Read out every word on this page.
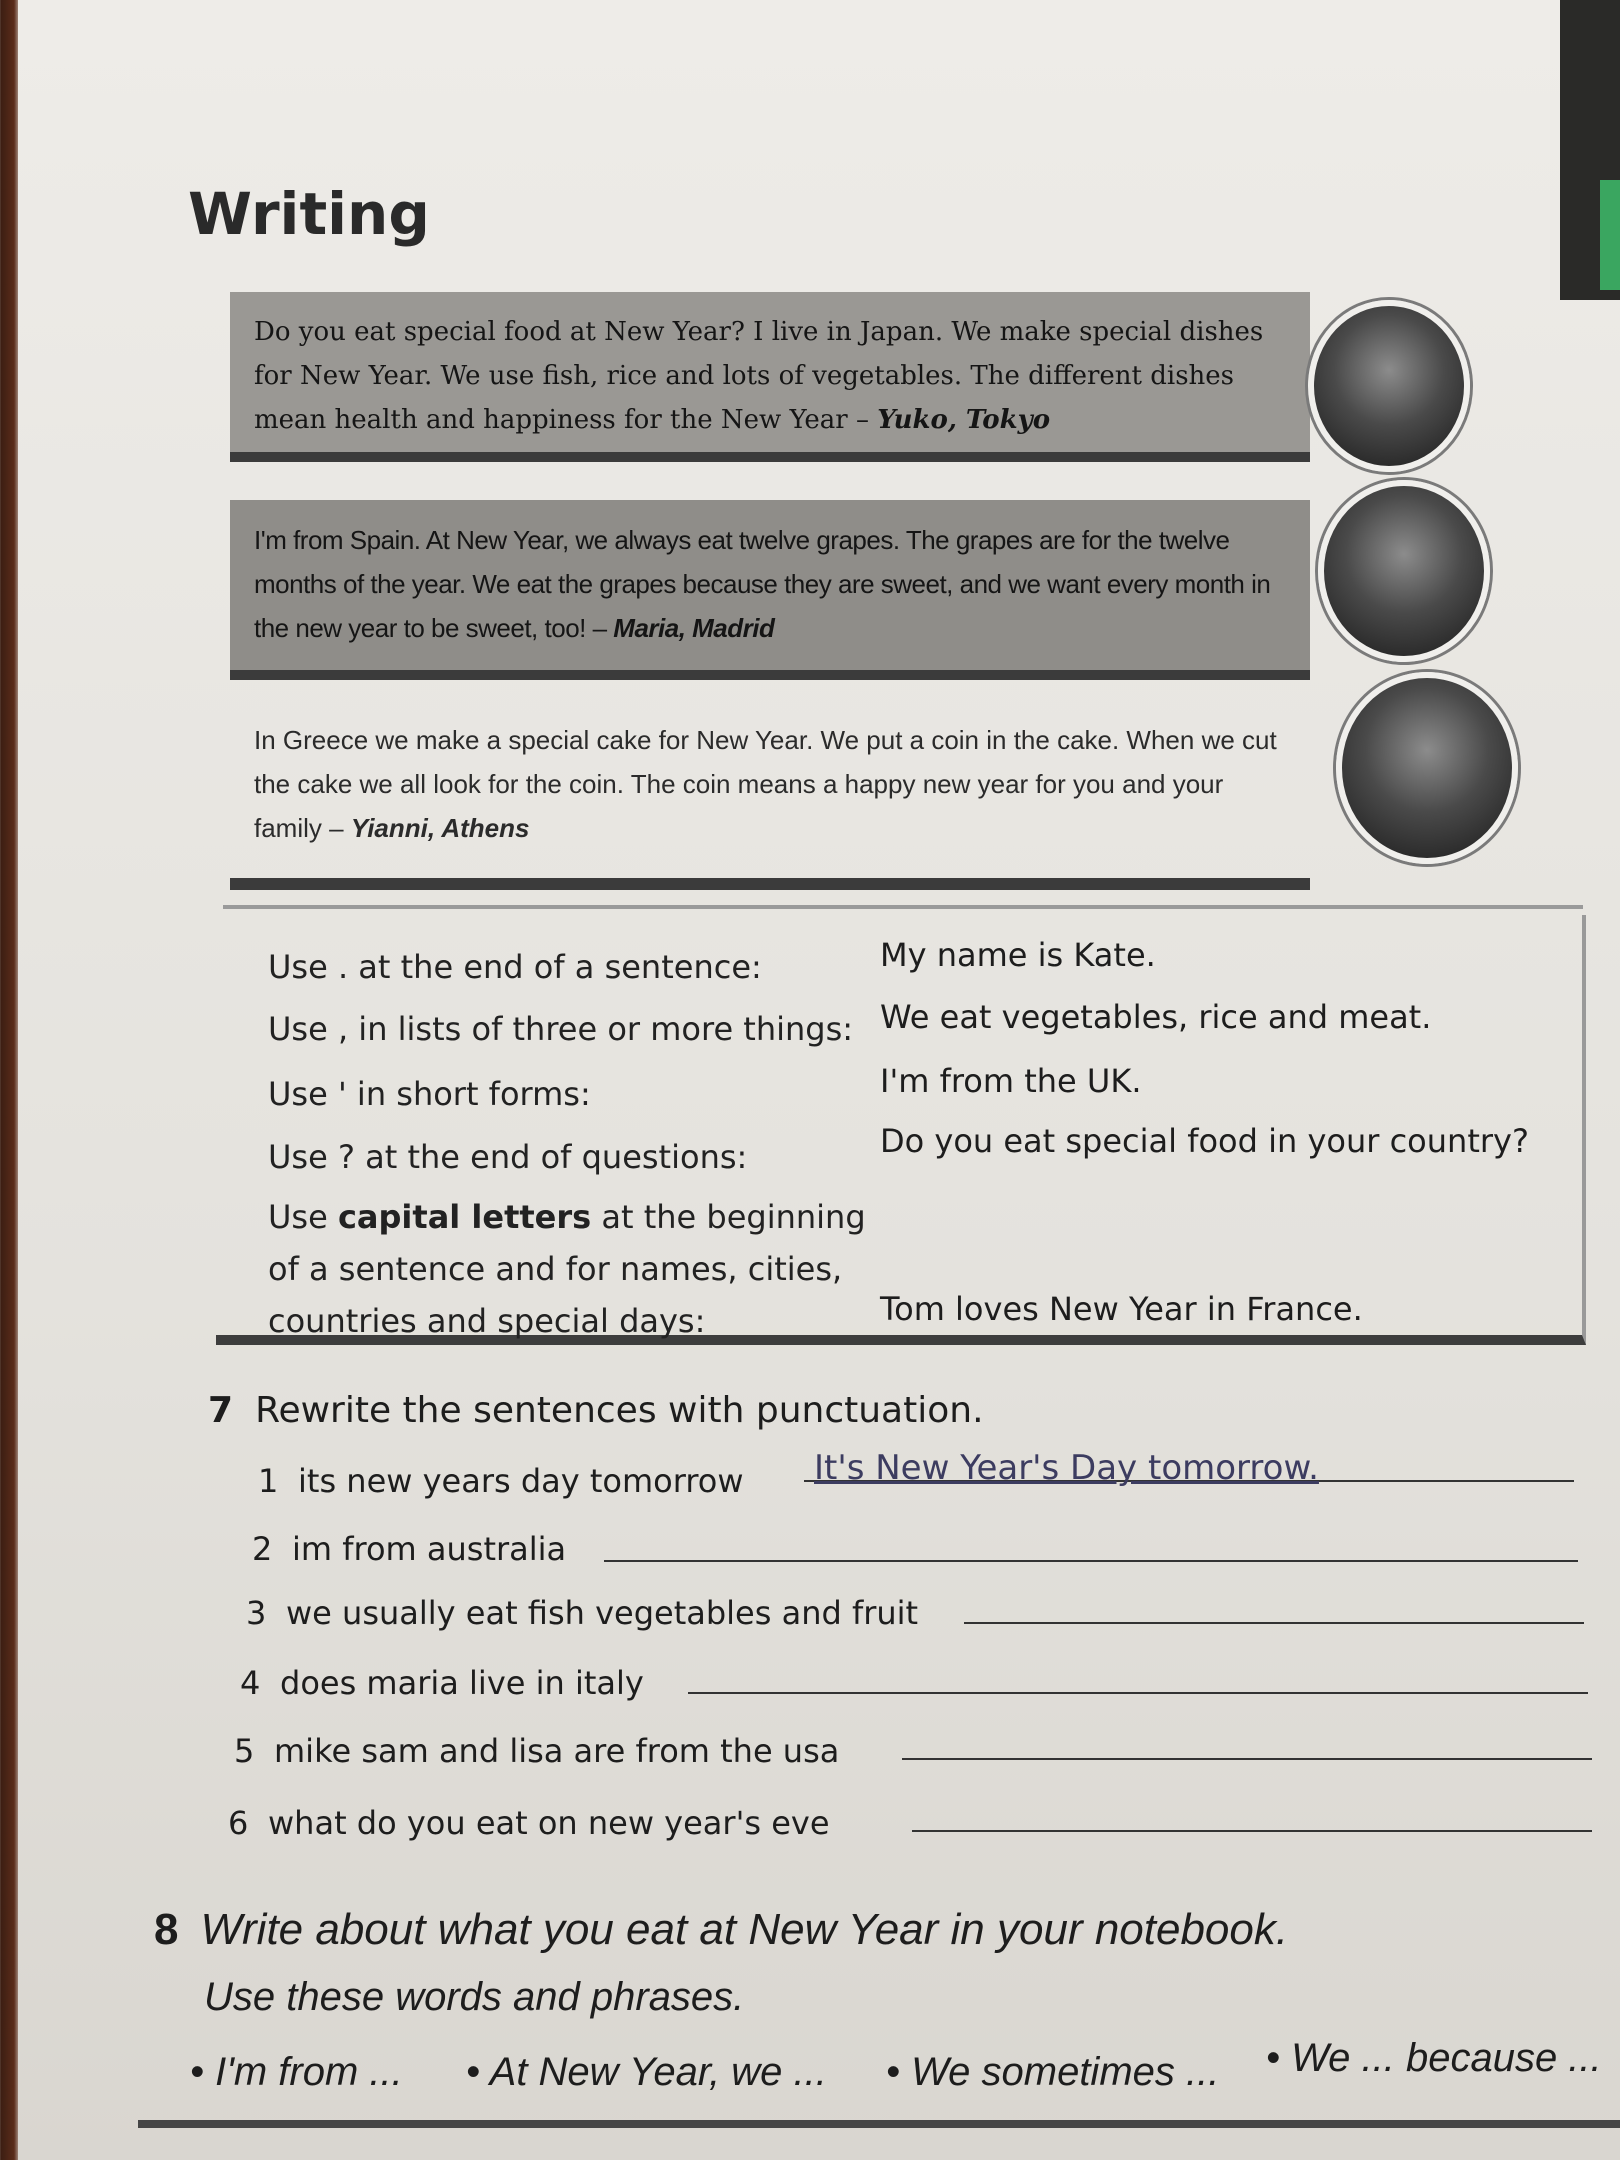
Writing
Do you eat special food at New Year? I live in Japan. We make special dishes for New Year. We use fish, rice and lots of vegetables. The different dishes mean health and happiness for the New Year – Yuko, Tokyo
I'm from Spain. At New Year, we always eat twelve grapes. The grapes are for the twelve months of the year. We eat the grapes because they are sweet, and we want every month in the new year to be sweet, too! – Maria, Madrid
In Greece we make a special cake for New Year. We put a coin in the cake. When we cut the cake we all look for the coin. The coin means a happy new year for you and your family – Yianni, Athens
Use . at the end of a sentence:	My name is Kate.
Use , in lists of three or more things: We eat vegetables, rice and meat.
Use ' in short forms:	I'm from the UK.
Use ? at the end of questions:	Do you eat special food in your country?
Use capital letters at the beginning
of a sentence and for names, cities,
countries and special days:	Tom loves New Year in France.
7 Rewrite the sentences with punctuation.
1 its new years day tomorrow It's New Year's Day tomorrow.
2 im from australia
3 we usually eat fish vegetables and fruit
4 does maria live in italy
5 mike sam and lisa are from the usa
6 what do you eat on new year's eve
8 Write about what you eat at New Year in your notebook.
Use these words and phrases.
• I'm from ... • At New Year, we ... • We sometimes ... • We ... because ...
